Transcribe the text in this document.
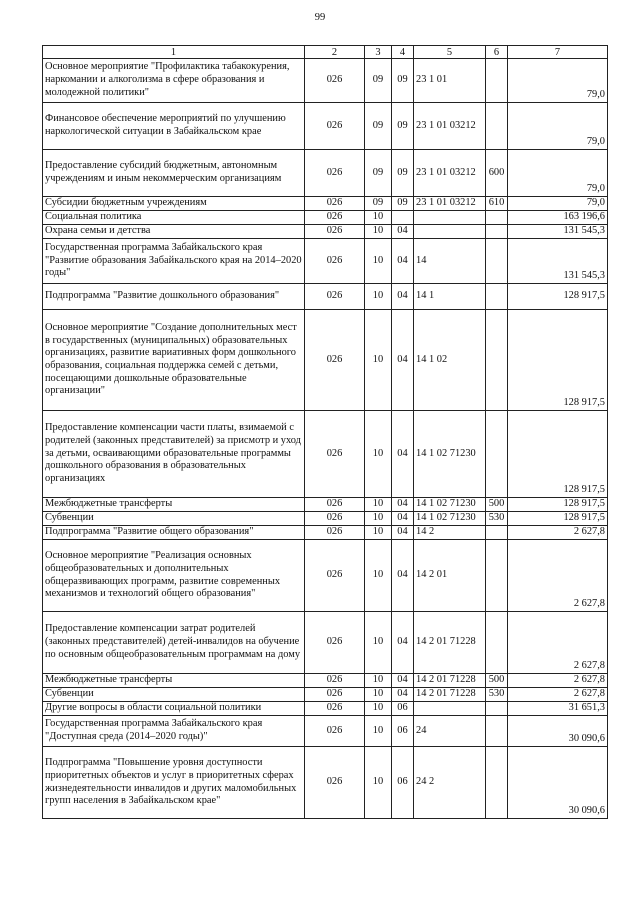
99
1	2	3	4	5	6	7
Основное мероприятие "Профилактика табакокурения, наркомании и алкоголизма в сфере образования и молодежной политики"	026	09	09	23 1 01		79,0
Финансовое обеспечение мероприятий по улучшению наркологической ситуации в Забайкальском крае	026	09	09	23 1 01 03212		79,0
Предоставление субсидий бюджетным, автономным учреждениям и иным некоммерческим организациям	026	09	09	23 1 01 03212	600	79,0
Субсидии бюджетным учреждениям	026	09	09	23 1 01 03212	610	79,0
Социальная политика	026	10				163 196,6
Охрана семьи и детства	026	10	04			131 545,3
Государственная программа Забайкальского края "Развитие образования Забайкальского края на 2014–2020 годы"	026	10	04	14		131 545,3
Подпрограмма "Развитие дошкольного образования"	026	10	04	14 1		128 917,5
Основное мероприятие "Создание дополнительных мест в государственных (муниципальных) образовательных организациях, развитие вариативных форм дошкольного образования, социальная поддержка семей с детьми, посещающими дошкольные образовательные организации"	026	10	04	14 1 02		128 917,5
Предоставление компенсации части платы, взимаемой с родителей (законных представителей) за присмотр и уход за детьми, осваивающими образовательные программы дошкольного образования в образовательных организациях	026	10	04	14 1 02 71230		128 917,5
Межбюджетные трансферты	026	10	04	14 1 02 71230	500	128 917,5
Субвенции	026	10	04	14 1 02 71230	530	128 917,5
Подпрограмма "Развитие общего образования"	026	10	04	14 2		2 627,8
Основное мероприятие "Реализация основных общеобразовательных и дополнительных общеразвивающих программ, развитие современных механизмов и технологий общего образования"	026	10	04	14 2 01		2 627,8
Предоставление компенсации затрат родителей (законных представителей) детей-инвалидов на обучение по основным общеобразовательным программам на дому	026	10	04	14 2 01 71228		2 627,8
Межбюджетные трансферты	026	10	04	14 2 01 71228	500	2 627,8
Субвенции	026	10	04	14 2 01 71228	530	2 627,8
Другие вопросы в области социальной политики	026	10	06			31 651,3
Государственная программа Забайкальского края "Доступная среда (2014–2020 годы)"	026	10	06	24		30 090,6
Подпрограмма "Повышение уровня доступности приоритетных объектов и услуг в приоритетных сферах жизнедеятельности инвалидов и других маломобильных групп населения в Забайкальском крае"	026	10	06	24 2		30 090,6
